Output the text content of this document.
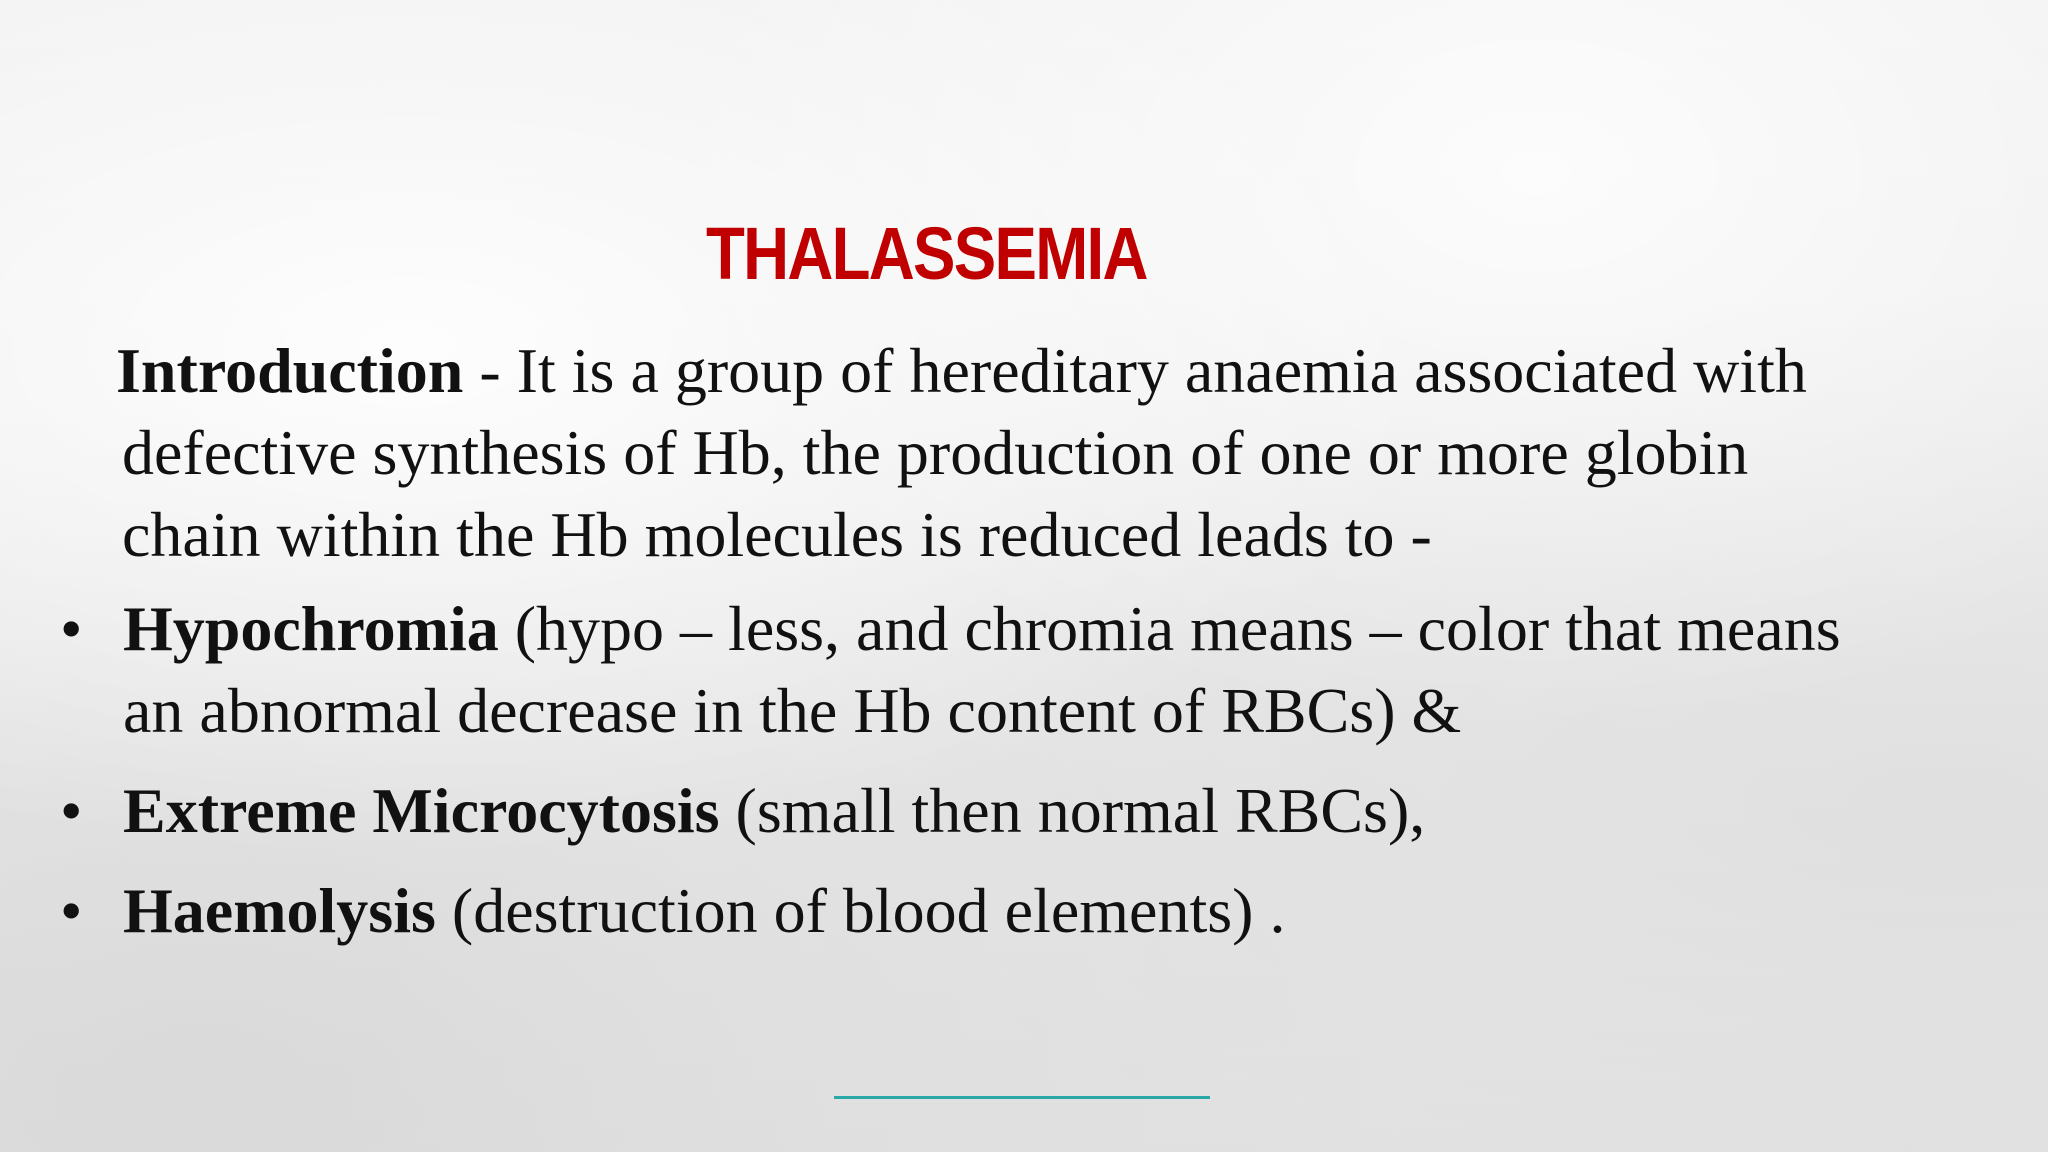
THALASSEMIA

Introduction - It is a group of hereditary anaemia associated with
defective synthesis of Hb, the production of one or more globin
chain within the Hb molecules is reduced leads to -

• Hypochromia (hypo – less, and chromia means – color that means
an abnormal decrease in the Hb content of RBCs) &
• Extreme Microcytosis (small then normal RBCs),
• Haemolysis (destruction of blood elements) .
